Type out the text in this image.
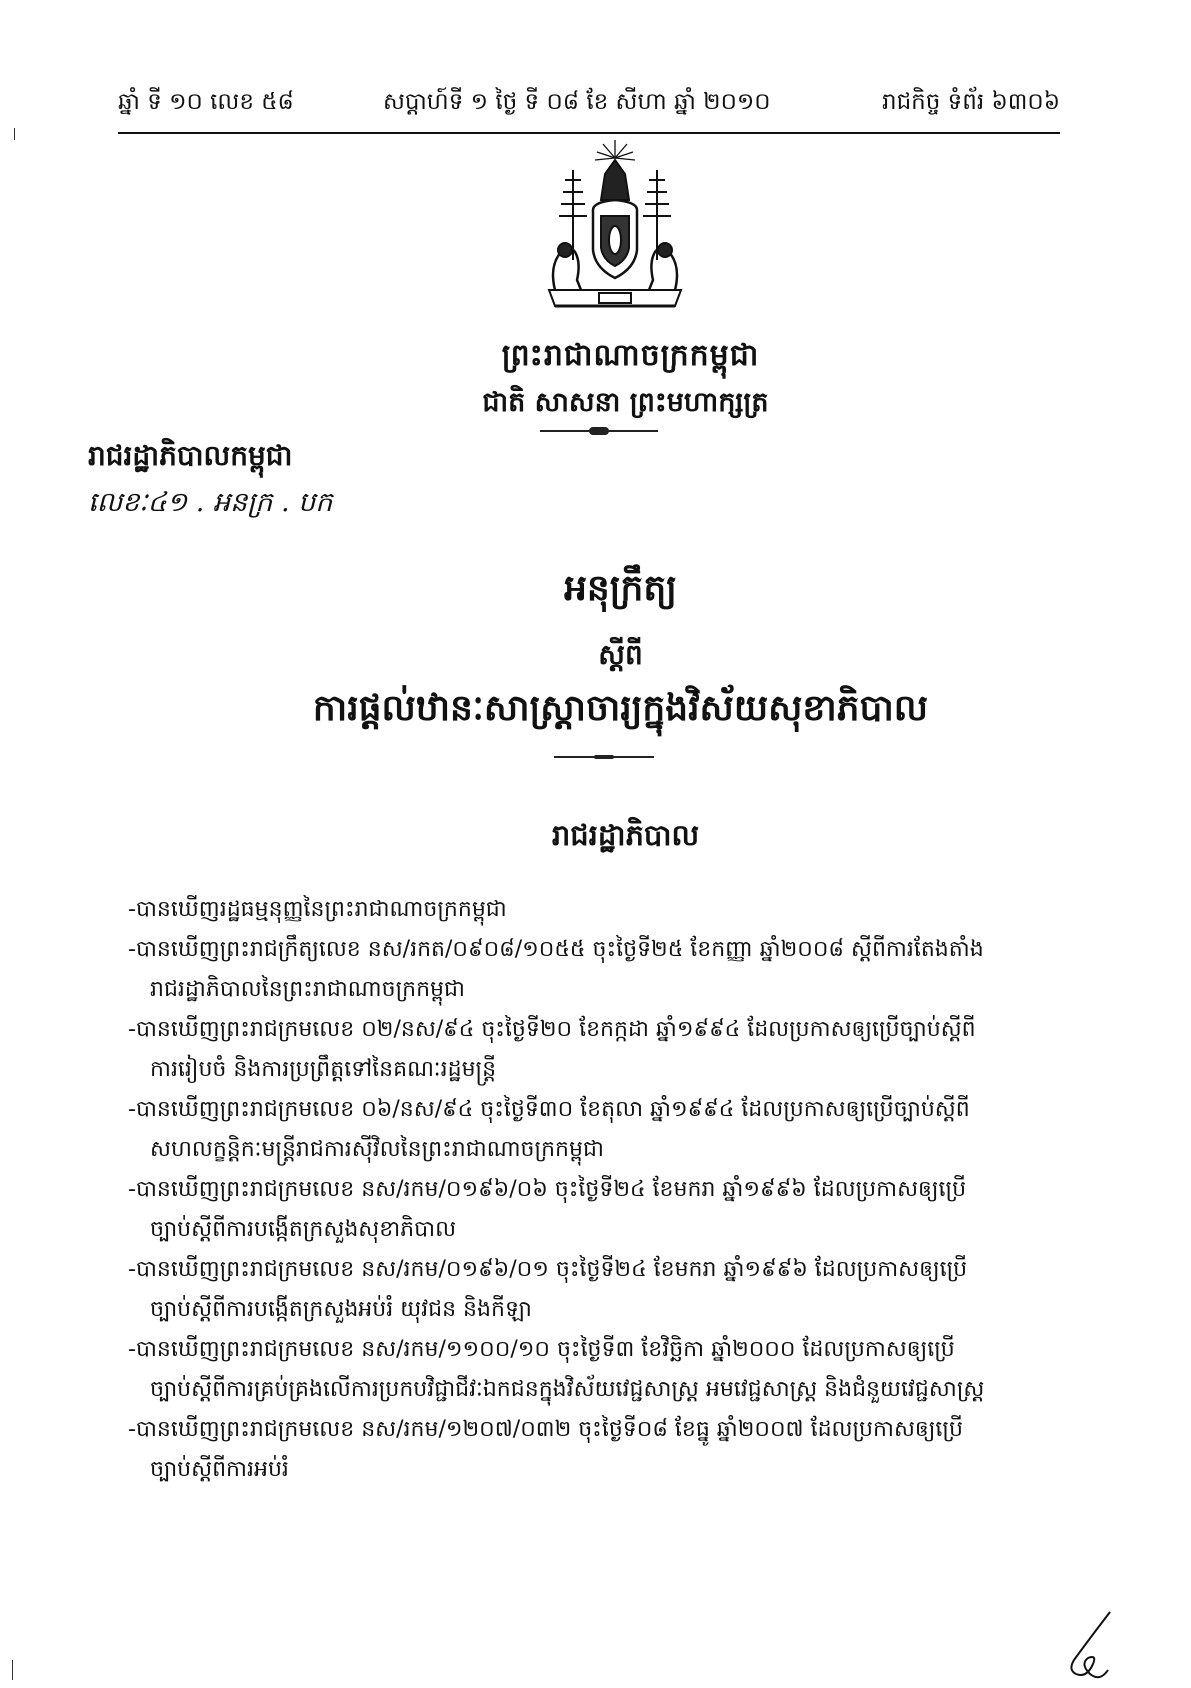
ឆ្នាំ ទី ១០ លេខ ៥៨	សប្តាហ៍ទី ១ ថ្ងៃ ទី ០៨ ខែ សីហា ឆ្នាំ ២០១០	រាជកិច្ច ទំព័រ ៦៣០៦
ព្រះរាជាណាចក្រកម្ពុជា
ជាតិ សាសនា ព្រះមហាក្សត្រ
រាជរដ្ឋាភិបាលកម្ពុជា
លេខៈ៤១ . អនក្រ . បក
អនុក្រឹត្យ
ស្តីពី
ការផ្តល់ឋានៈសាស្ត្រាចារ្យក្នុងវិស័យសុខាភិបាល
រាជរដ្ឋាភិបាល

-បានឃើញរដ្ឋធម្មនុញ្ញនៃព្រះរាជាណាចក្រកម្ពុជា

-បានឃើញព្រះរាជក្រឹត្យលេខ នស/រកត/០៩០៨/១០៥៥ ចុះថ្ងៃទី២៥ ខែកញ្ញា ឆ្នាំ២០០៨ ស្តីពីការតែងតាំង
រាជរដ្ឋាភិបាលនៃព្រះរាជាណាចក្រកម្ពុជា

-បានឃើញព្រះរាជក្រមលេខ ០២/នស/៩៤ ចុះថ្ងៃទី២០ ខែកក្កដា ឆ្នាំ១៩៩៤ ដែលប្រកាសឲ្យប្រើច្បាប់ស្តីពី
ការរៀបចំ និងការប្រព្រឹត្តទៅនៃគណៈរដ្ឋមន្ត្រី

-បានឃើញព្រះរាជក្រមលេខ ០៦/នស/៩៤ ចុះថ្ងៃទី៣០ ខែតុលា ឆ្នាំ១៩៩៤ ដែលប្រកាសឲ្យប្រើច្បាប់ស្តីពី
សហលក្ខន្តិកៈមន្ត្រីរាជការស៊ីវិលនៃព្រះរាជាណាចក្រកម្ពុជា

-បានឃើញព្រះរាជក្រមលេខ នស/រកម/០១៩៦/០៦ ចុះថ្ងៃទី២៤ ខែមករា ឆ្នាំ១៩៩៦ ដែលប្រកាសឲ្យប្រើ
ច្បាប់ស្តីពីការបង្កើតក្រសួងសុខាភិបាល

-បានឃើញព្រះរាជក្រមលេខ នស/រកម/០១៩៦/០១ ចុះថ្ងៃទី២៤ ខែមករា ឆ្នាំ១៩៩៦ ដែលប្រកាសឲ្យប្រើ
ច្បាប់ស្តីពីការបង្កើតក្រសួងអប់រំ យុវជន និងកីឡា

-បានឃើញព្រះរាជក្រមលេខ នស/រកម/១១០០/១០ ចុះថ្ងៃទី៣ ខែវិច្ឆិកា ឆ្នាំ២០០០ ដែលប្រកាសឲ្យប្រើ
ច្បាប់ស្តីពីការគ្រប់គ្រងលើការប្រកបវិជ្ជាជីវៈឯកជនក្នុងវិស័យវេជ្ជសាស្ត្រ អមវេជ្ជសាស្ត្រ និងជំនួយវេជ្ជសាស្ត្រ

-បានឃើញព្រះរាជក្រមលេខ នស/រកម/១២០៧/០៣២ ចុះថ្ងៃទី០៨ ខែធ្នូ ឆ្នាំ២០០៧ ដែលប្រកាសឲ្យប្រើ
ច្បាប់ស្តីពីការអប់រំ
